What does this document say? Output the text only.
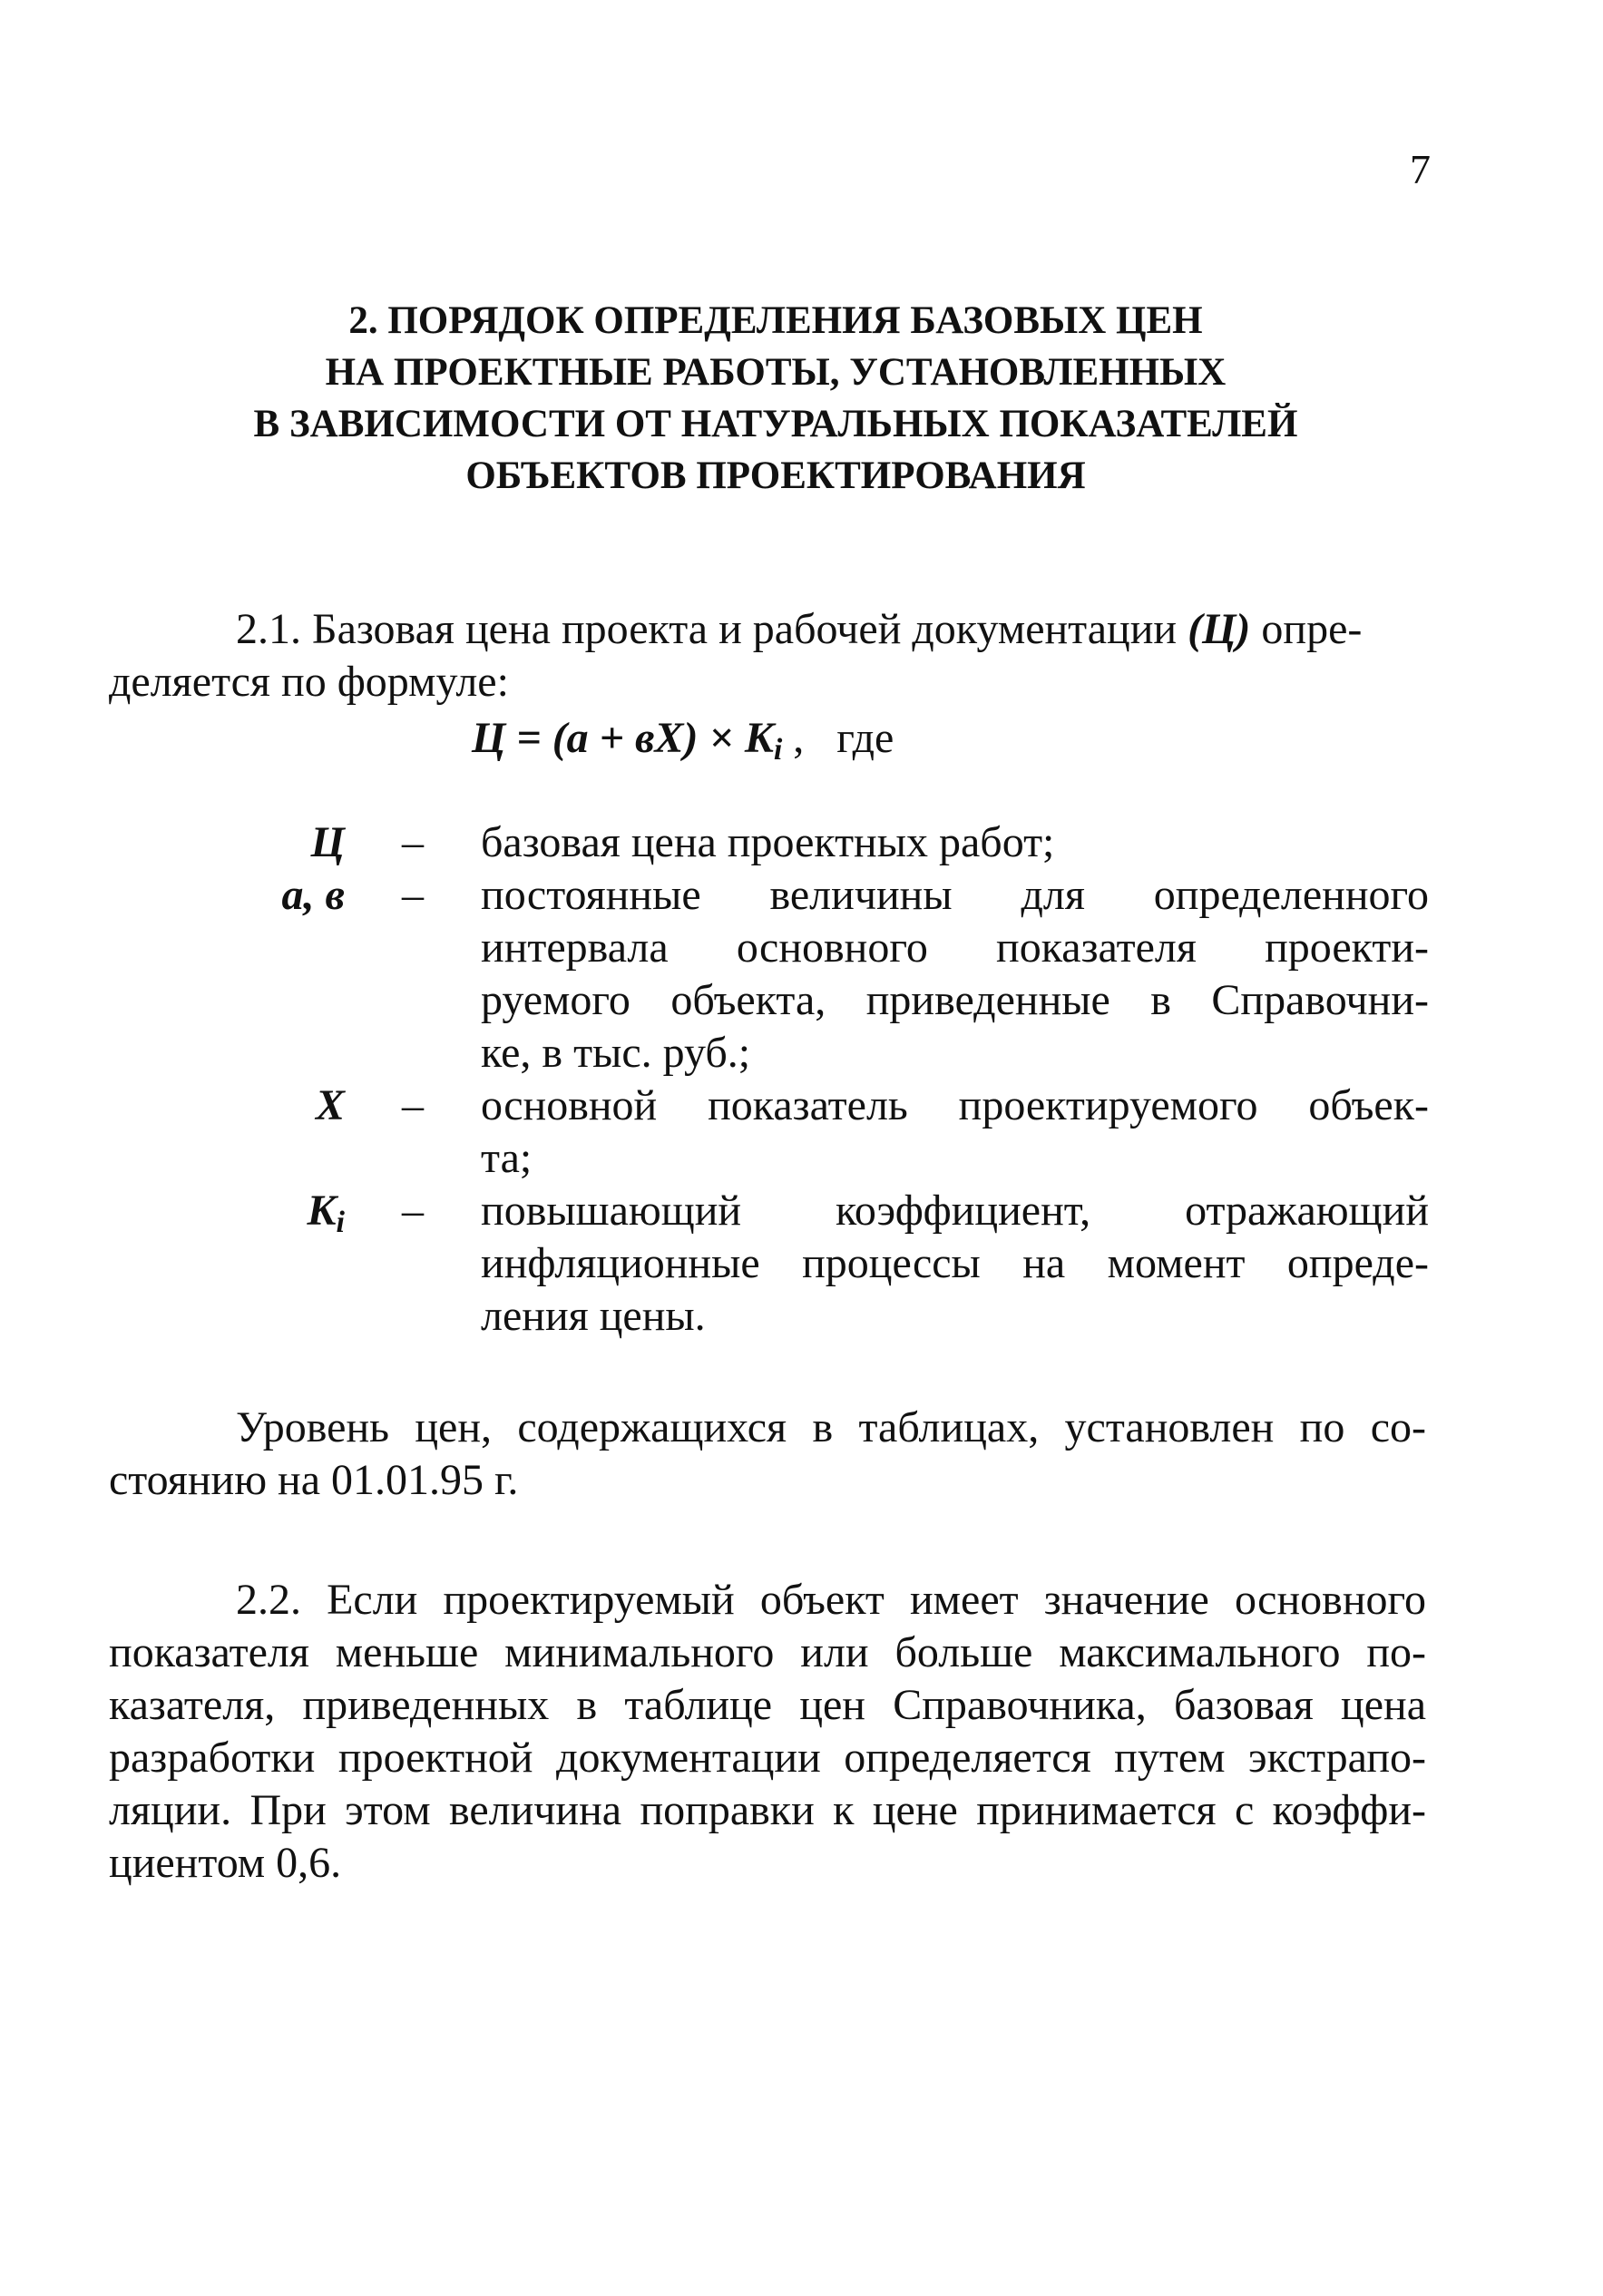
7
2. ПОРЯДОК ОПРЕДЕЛЕНИЯ БАЗОВЫХ ЦЕН
НА ПРОЕКТНЫЕ РАБОТЫ, УСТАНОВЛЕННЫХ
В ЗАВИСИМОСТИ ОТ НАТУРАЛЬНЫХ ПОКАЗАТЕЛЕЙ
ОБЪЕКТОВ ПРОЕКТИРОВАНИЯ
2.1. Базовая цена проекта и рабочей документации (Ц) опре-
деляется по формуле:
$Ц = (а + вХ) \times K_i$ , где
Ц	–	базовая цена проектных работ;
а, в	–	постоянные величины для определенного
интервала основного показателя проекти-
руемого объекта, приведенные в Справочни-
ке, в тыс. руб.;
Х	–	основной показатель проектируемого объек-
та;
$K_i$	–	повышающий коэффициент, отражающий
инфляционные процессы на момент опреде-
ления цены.
Уровень цен, содержащихся в таблицах, установлен по со-
стоянию на 01.01.95 г.
2.2. Если проектируемый объект имеет значение основного
показателя меньше минимального или больше максимального по-
казателя, приведенных в таблице цен Справочника, базовая цена
разработки проектной документации определяется путем экстрапо-
ляции. При этом величина поправки к цене принимается с коэффи-
циентом 0,6.
